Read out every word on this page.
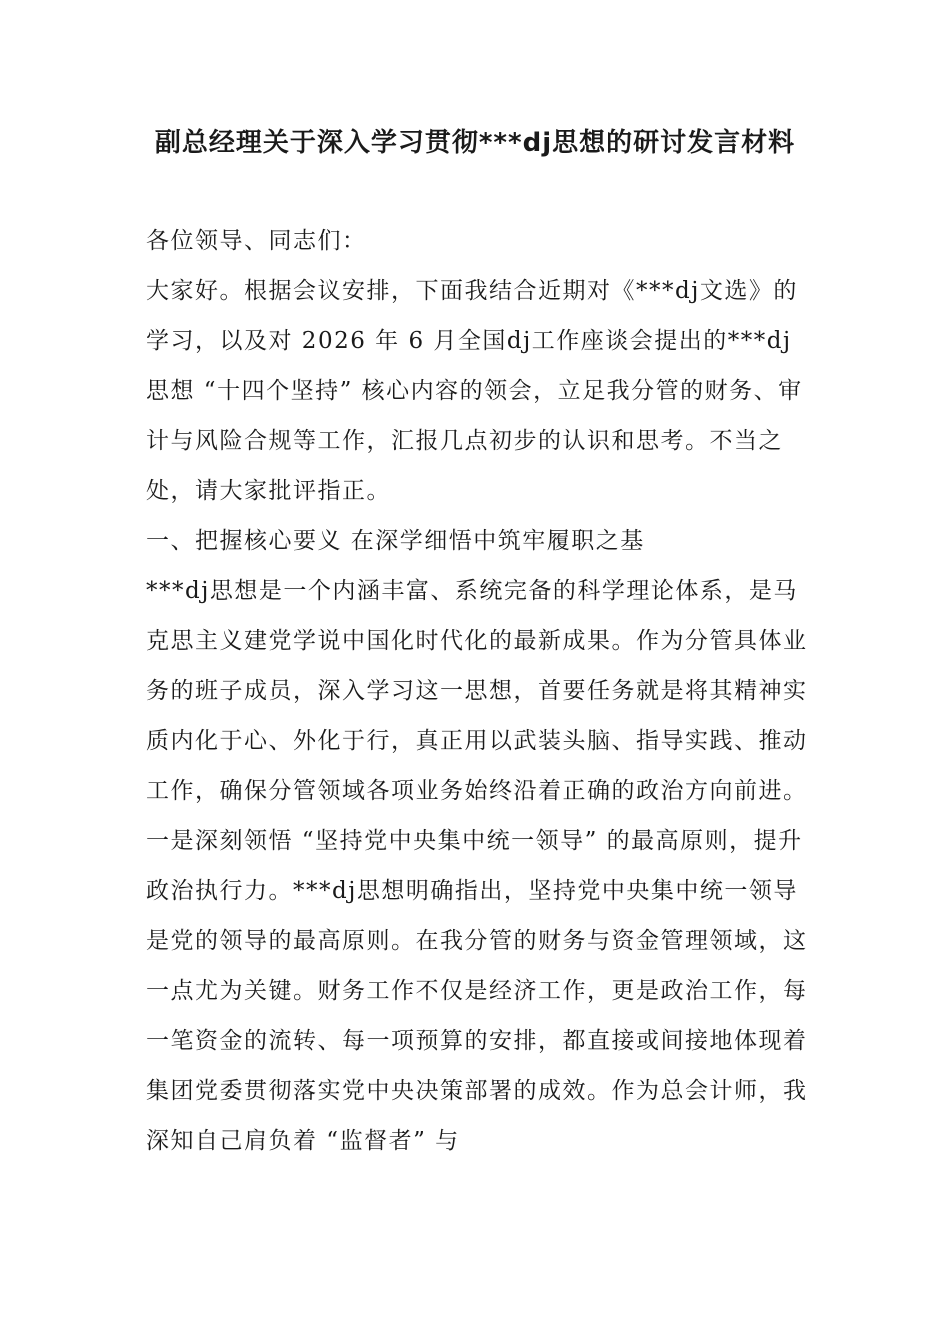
副总经理关于深入学习贯彻***dj思想的研讨发言材料

各位领导、同志们：

大家好。根据会议安排，下面我结合近期对《***dj文选》的学习，以及对 2026 年 6 月全国dj工作座谈会提出的***dj思想 “十四个坚持” 核心内容的领会，立足我分管的财务、审计与风险合规等工作，汇报几点初步的认识和思考。不当之处，请大家批评指正。

一、把握核心要义 在深学细悟中筑牢履职之基

***dj思想是一个内涵丰富、系统完备的科学理论体系，是马克思主义建党学说中国化时代化的最新成果。作为分管具体业务的班子成员，深入学习这一思想，首要任务就是将其精神实质内化于心、外化于行，真正用以武装头脑、指导实践、推动工作，确保分管领域各项业务始终沿着正确的政治方向前进。

一是深刻领悟 “坚持党中央集中统一领导” 的最高原则，提升政治执行力。***dj思想明确指出，坚持党中央集中统一领导是党的领导的最高原则。在我分管的财务与资金管理领域，这一点尤为关键。财务工作不仅是经济工作，更是政治工作，每一笔资金的流转、每一项预算的安排，都直接或间接地体现着集团党委贯彻落实党中央决策部署的成效。作为总会计师，我深知自己肩负着 “监督者” 与
